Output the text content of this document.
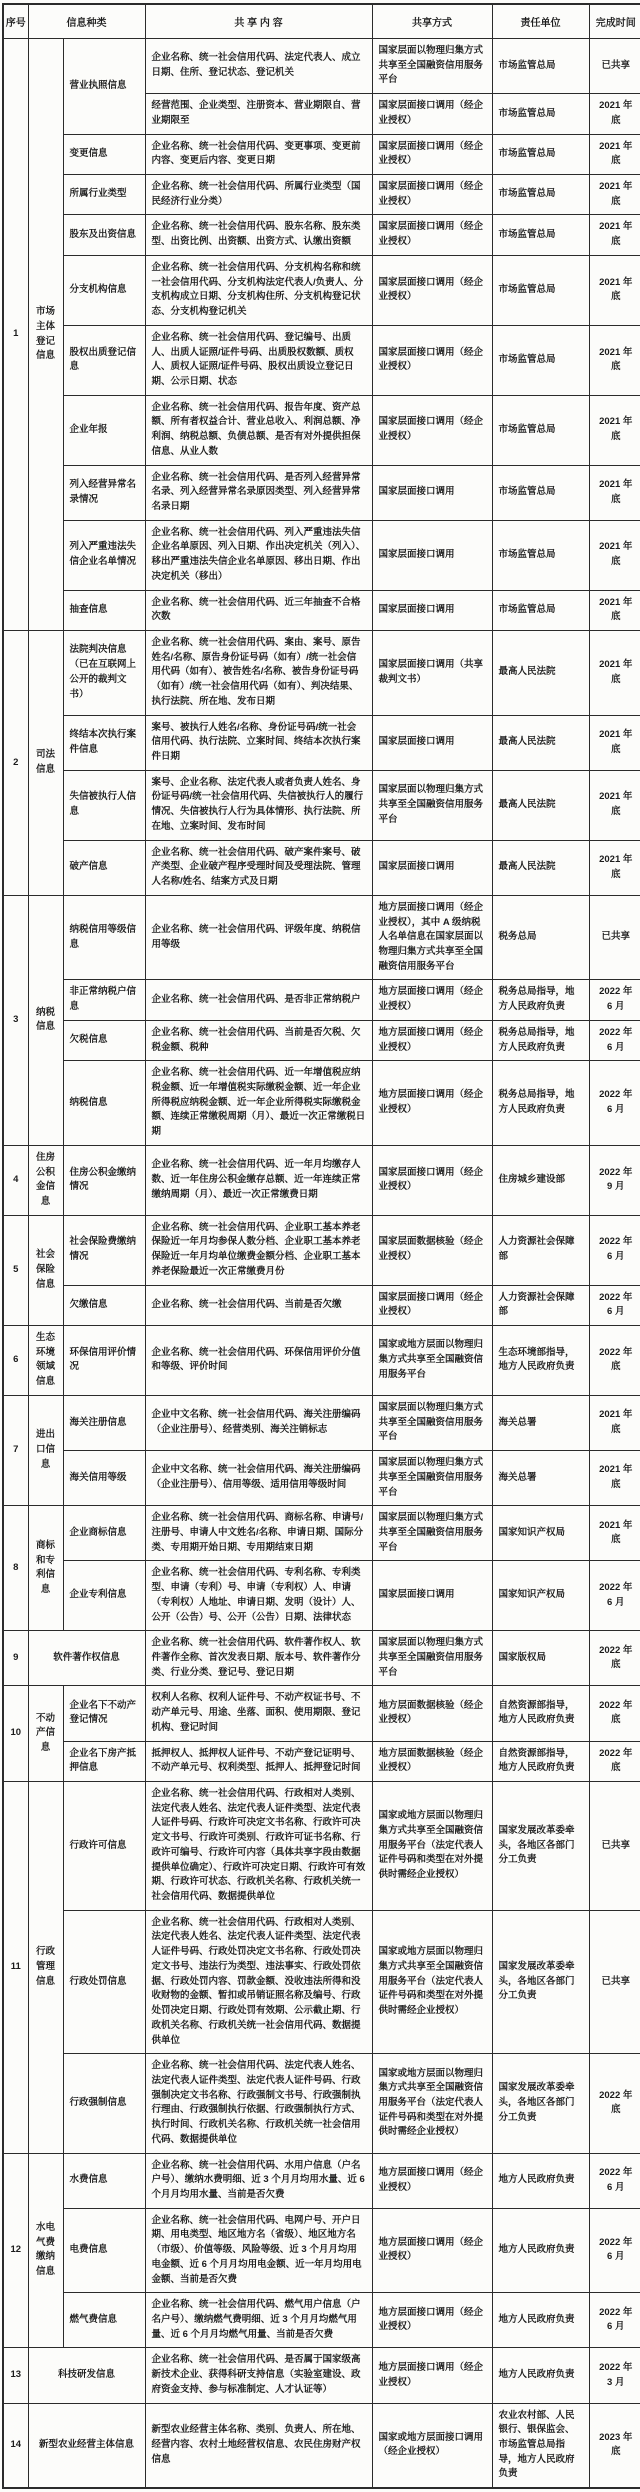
序号	信息种类		共 享 内 容	共享方式	责任单位	完成时间
1	市场主体登记信息	营业执照信息	企业名称、统一社会信用代码、法定代表人、成立日期、住所、登记状态、登记机关	国家层面以物理归集方式共享至全国融资信用服务平台	市场监管总局	已共享
			经营范围、企业类型、注册资本、营业期限自、营业期限至	国家层面接口调用（经企业授权）	市场监管总局	2021 年底
		变更信息	企业名称、统一社会信用代码、变更事项、变更前内容、变更后内容、变更日期	国家层面接口调用（经企业授权）	市场监管总局	2021 年底
		所属行业类型	企业名称、统一社会信用代码、所属行业类型（国民经济行业分类）	国家层面接口调用（经企业授权）	市场监管总局	2021 年底
		股东及出资信息	企业名称、统一社会信用代码、股东名称、股东类型、出资比例、出资额、出资方式、认缴出资额	国家层面接口调用（经企业授权）	市场监管总局	2021 年底
		分支机构信息	企业名称、统一社会信用代码、分支机构名称和统一社会信用代码、分支机构法定代表人/负责人、分支机构成立日期、分支机构住所、分支机构登记状态、分支机构登记机关	国家层面接口调用（经企业授权）	市场监管总局	2021 年底
		股权出质登记信息	企业名称、统一社会信用代码、登记编号、出质人、出质人证照/证件号码、出质股权数额、质权人、质权人证照/证件号码、股权出质设立登记日期、公示日期、状态	国家层面接口调用（经企业授权）	市场监管总局	2021 年底
		企业年报	企业名称、统一社会信用代码、报告年度、资产总额、所有者权益合计、营业总收入、利润总额、净利润、纳税总额、负债总额、是否有对外提供担保信息、从业人数	国家层面接口调用（经企业授权）	市场监管总局	2021 年底
		列入经营异常名录情况	企业名称、统一社会信用代码、是否列入经营异常名录、列入经营异常名录原因类型、列入经营异常名录日期	国家层面接口调用	市场监管总局	2021 年底
		列入严重违法失信企业名单情况	企业名称、统一社会信用代码、列入严重违法失信企业名单原因、列入日期、作出决定机关（列入）、移出严重违法失信企业名单原因、移出日期、作出决定机关（移出）	国家层面接口调用	市场监管总局	2021 年底
		抽查信息	企业名称、统一社会信用代码、近三年抽查不合格次数	国家层面接口调用	市场监管总局	2021 年底
2	司法信息	法院判决信息（已在互联网上公开的裁判文书）	企业名称、统一社会信用代码、案由、案号、原告姓名/名称、原告身份证号码（如有）/统一社会信用代码（如有）、被告姓名/名称、被告身份证号码（如有）/统一社会信用代码（如有）、判决结果、执行法院、所在地、发布日期	国家层面接口调用（共享裁判文书）	最高人民法院	2021 年底
		终结本次执行案件信息	案号、被执行人姓名/名称、身份证号码/统一社会信用代码、执行法院、立案时间、终结本次执行案件日期	国家层面接口调用	最高人民法院	2021 年底
		失信被执行人信息	案号、企业名称、法定代表人或者负责人姓名、身份证号码/统一社会信用代码、失信被执行人的履行情况、失信被执行人行为具体情形、执行法院、所在地、立案时间、发布时间	国家层面以物理归集方式共享至全国融资信用服务平台	最高人民法院	2021 年底
		破产信息	企业名称、统一社会信用代码、破产案件案号、破产类型、企业破产程序受理时间及受理法院、管理人名称/姓名、结案方式及日期	国家层面接口调用	最高人民法院	2021 年底
3	纳税信息	纳税信用等级信息	企业名称、统一社会信用代码、评级年度、纳税信用等级	地方层面接口调用（经企业授权），其中 A 级纳税人名单信息在国家层面以物理归集方式共享至全国融资信用服务平台	税务总局	已共享
		非正常纳税户信息	企业名称、统一社会信用代码、是否非正常纳税户	地方层面接口调用（经企业授权）	税务总局指导，地方人民政府负责	2022 年 6 月
		欠税信息	企业名称、统一社会信用代码、当前是否欠税、欠税金额、税种	地方层面接口调用（经企业授权）	税务总局指导，地方人民政府负责	2022 年 6 月
		纳税信息	企业名称、统一社会信用代码、近一年增值税应纳税金额、近一年增值税实际缴税金额、近一年企业所得税应纳税金额、近一年企业所得税实际缴税金额、连续正常缴税周期（月）、最近一次正常缴税日期	地方层面接口调用（经企业授权）	税务总局指导，地方人民政府负责	2022 年 6 月
4	住房公积金信息	住房公积金缴纳情况	企业名称、统一社会信用代码、近一年月均缴存人数、近一年住房公积金缴存总额、近一年连续正常缴纳周期（月）、最近一次正常缴费日期	国家层面接口调用（经企业授权）	住房城乡建设部	2022 年 9 月
5	社会保险信息	社会保险费缴纳情况	企业名称、统一社会信用代码、企业职工基本养老保险近一年月均参保人数分档、企业职工基本养老保险近一年月均单位缴费金额分档、企业职工基本养老保险最近一次正常缴费月份	国家层面数据核验（经企业授权）	人力资源社会保障部	2022 年 6 月
		欠缴信息	企业名称、统一社会信用代码、当前是否欠缴	国家层面接口调用（经企业授权）	人力资源社会保障部	2022 年 6 月
6	生态环境领域信息	环保信用评价情况	企业名称、统一社会信用代码、环保信用评价分值和等级、评价时间	国家或地方层面以物理归集方式共享至全国融资信用服务平台	生态环境部指导，地方人民政府负责	2022 年底
7	进出口信息	海关注册信息	企业中文名称、统一社会信用代码、海关注册编码（企业注册号）、经营类别、海关注销标志	国家层面以物理归集方式共享至全国融资信用服务平台	海关总署	2021 年底
		海关信用等级	企业中文名称、统一社会信用代码、海关注册编码（企业注册号）、信用等级、适用信用等级时间	国家层面以物理归集方式共享至全国融资信用服务平台	海关总署	2021 年底
8	商标和专利信息	企业商标信息	企业名称、统一社会信用代码、商标名称、申请号/注册号、申请人中文姓名/名称、申请日期、国际分类、专用期开始日期、专用期结束日期	国家层面以物理归集方式共享至全国融资信用服务平台	国家知识产权局	2021 年底
		企业专利信息	企业名称、统一社会信用代码、专利名称、专利类型、申请（专利）号、申请（专利权）人、申请（专利权）人地址、申请日期、发明（设计）人、公开（公告）号、公开（公告）日期、法律状态	国家层面接口调用	国家知识产权局	2022 年 6 月
9	软件著作权信息		企业名称、统一社会信用代码、软件著作权人、软件著作全称、首次发表日期、版本号、软件著作分类、行业分类、登记号、登记日期	国家层面以物理归集方式共享至全国融资信用服务平台	国家版权局	2022 年底
10	不动产信息	企业名下不动产登记情况	权利人名称、权利人证件号、不动产权证书号、不动产单元号、用途、坐落、面积、使用期限、登记机构、登记时间	地方层面数据核验（经企业授权）	自然资源部指导，地方人民政府负责	2022 年底
		企业名下房产抵押信息	抵押权人、抵押权人证件号、不动产登记证明号、不动产单元号、权利类型、抵押人、抵押登记时间	地方层面数据核验（经企业授权）	自然资源部指导，地方人民政府负责	2022 年底
11	行政管理信息	行政许可信息	企业名称、统一社会信用代码、行政相对人类别、法定代表人姓名、法定代表人证件类型、法定代表人证件号码、行政许可决定文书名称、行政许可决定文书号、行政许可类别、行政许可证书名称、行政许可编号、行政许可内容（具体共享字段由数据提供单位确定）、行政许可决定日期、行政许可有效期、行政许可状态、行政机关名称、行政机关统一社会信用代码、数据提供单位	国家或地方层面以物理归集方式共享至全国融资信用服务平台（法定代表人证件号码和类型在对外提供时需经企业授权）	国家发展改革委牵头，各地区各部门分工负责	已共享
		行政处罚信息	企业名称、统一社会信用代码、行政相对人类别、法定代表人姓名、法定代表人证件类型、法定代表人证件号码、行政处罚决定文书名称、行政处罚决定文书号、违法行为类型、违法事实、行政处罚依据、行政处罚内容、罚款金额、没收违法所得和没收财物的金额、暂扣或吊销证照名称及编号、行政处罚决定日期、行政处罚有效期、公示截止期、行政机关名称、行政机关统一社会信用代码、数据提供单位	国家或地方层面以物理归集方式共享至全国融资信用服务平台（法定代表人证件号码和类型在对外提供时需经企业授权）	国家发展改革委牵头，各地区各部门分工负责	已共享
		行政强制信息	企业名称、统一社会信用代码、法定代表人姓名、法定代表人证件类型、法定代表人证件号码、行政强制决定文书名称、行政强制文书号、行政强制执行理由、行政强制执行依据、行政强制执行方式、执行时间、行政机关名称、行政机关统一社会信用代码、数据提供单位	国家或地方层面以物理归集方式共享至全国融资信用服务平台（法定代表人证件号码和类型在对外提供时需经企业授权）	国家发展改革委牵头，各地区各部门分工负责	2022 年底
12	水电气费缴纳信息	水费信息	企业名称、统一社会信用代码、水用户信息（户名户号）、缴纳水费明细、近 3 个月月均用水量、近 6 个月月均用水量、当前是否欠费	地方层面接口调用（经企业授权）	地方人民政府负责	2022 年 6 月
		电费信息	企业名称、统一社会信用代码、电网户号、开户日期、用电类型、地区地方名（省级）、地区地方名（市级）、价值等级、风险等级、近 3 个月月均用电金额、近 6 个月月均用电金额、近一年月均用电金额、当前是否欠费	地方层面接口调用（经企业授权）	地方人民政府负责	2022 年 6 月
		燃气费信息	企业名称、统一社会信用代码、燃气用户信息（户名户号）、缴纳燃气费明细、近 3 个月月均燃气用量、近 6 个月月均燃气用量、当前是否欠费	地方层面接口调用（经企业授权）	地方人民政府负责	2022 年 6 月
13	科技研发信息		企业名称、统一社会信用代码、是否属于国家级高新技术企业、获得科研支持信息（实验室建设、政府资金支持、参与标准制定、人才认证等）	地方层面接口调用（经企业授权）	地方人民政府负责	2022 年 3 月
14	新型农业经营主体信息		新型农业经营主体名称、类别、负责人、所在地、经营内容、农村土地经营权信息、农民住房财产权信息	国家或地方层面接口调用（经企业授权）	农业农村部、人民银行、银保监会、市场监管总局指导，地方人民政府负责	2023 年底
